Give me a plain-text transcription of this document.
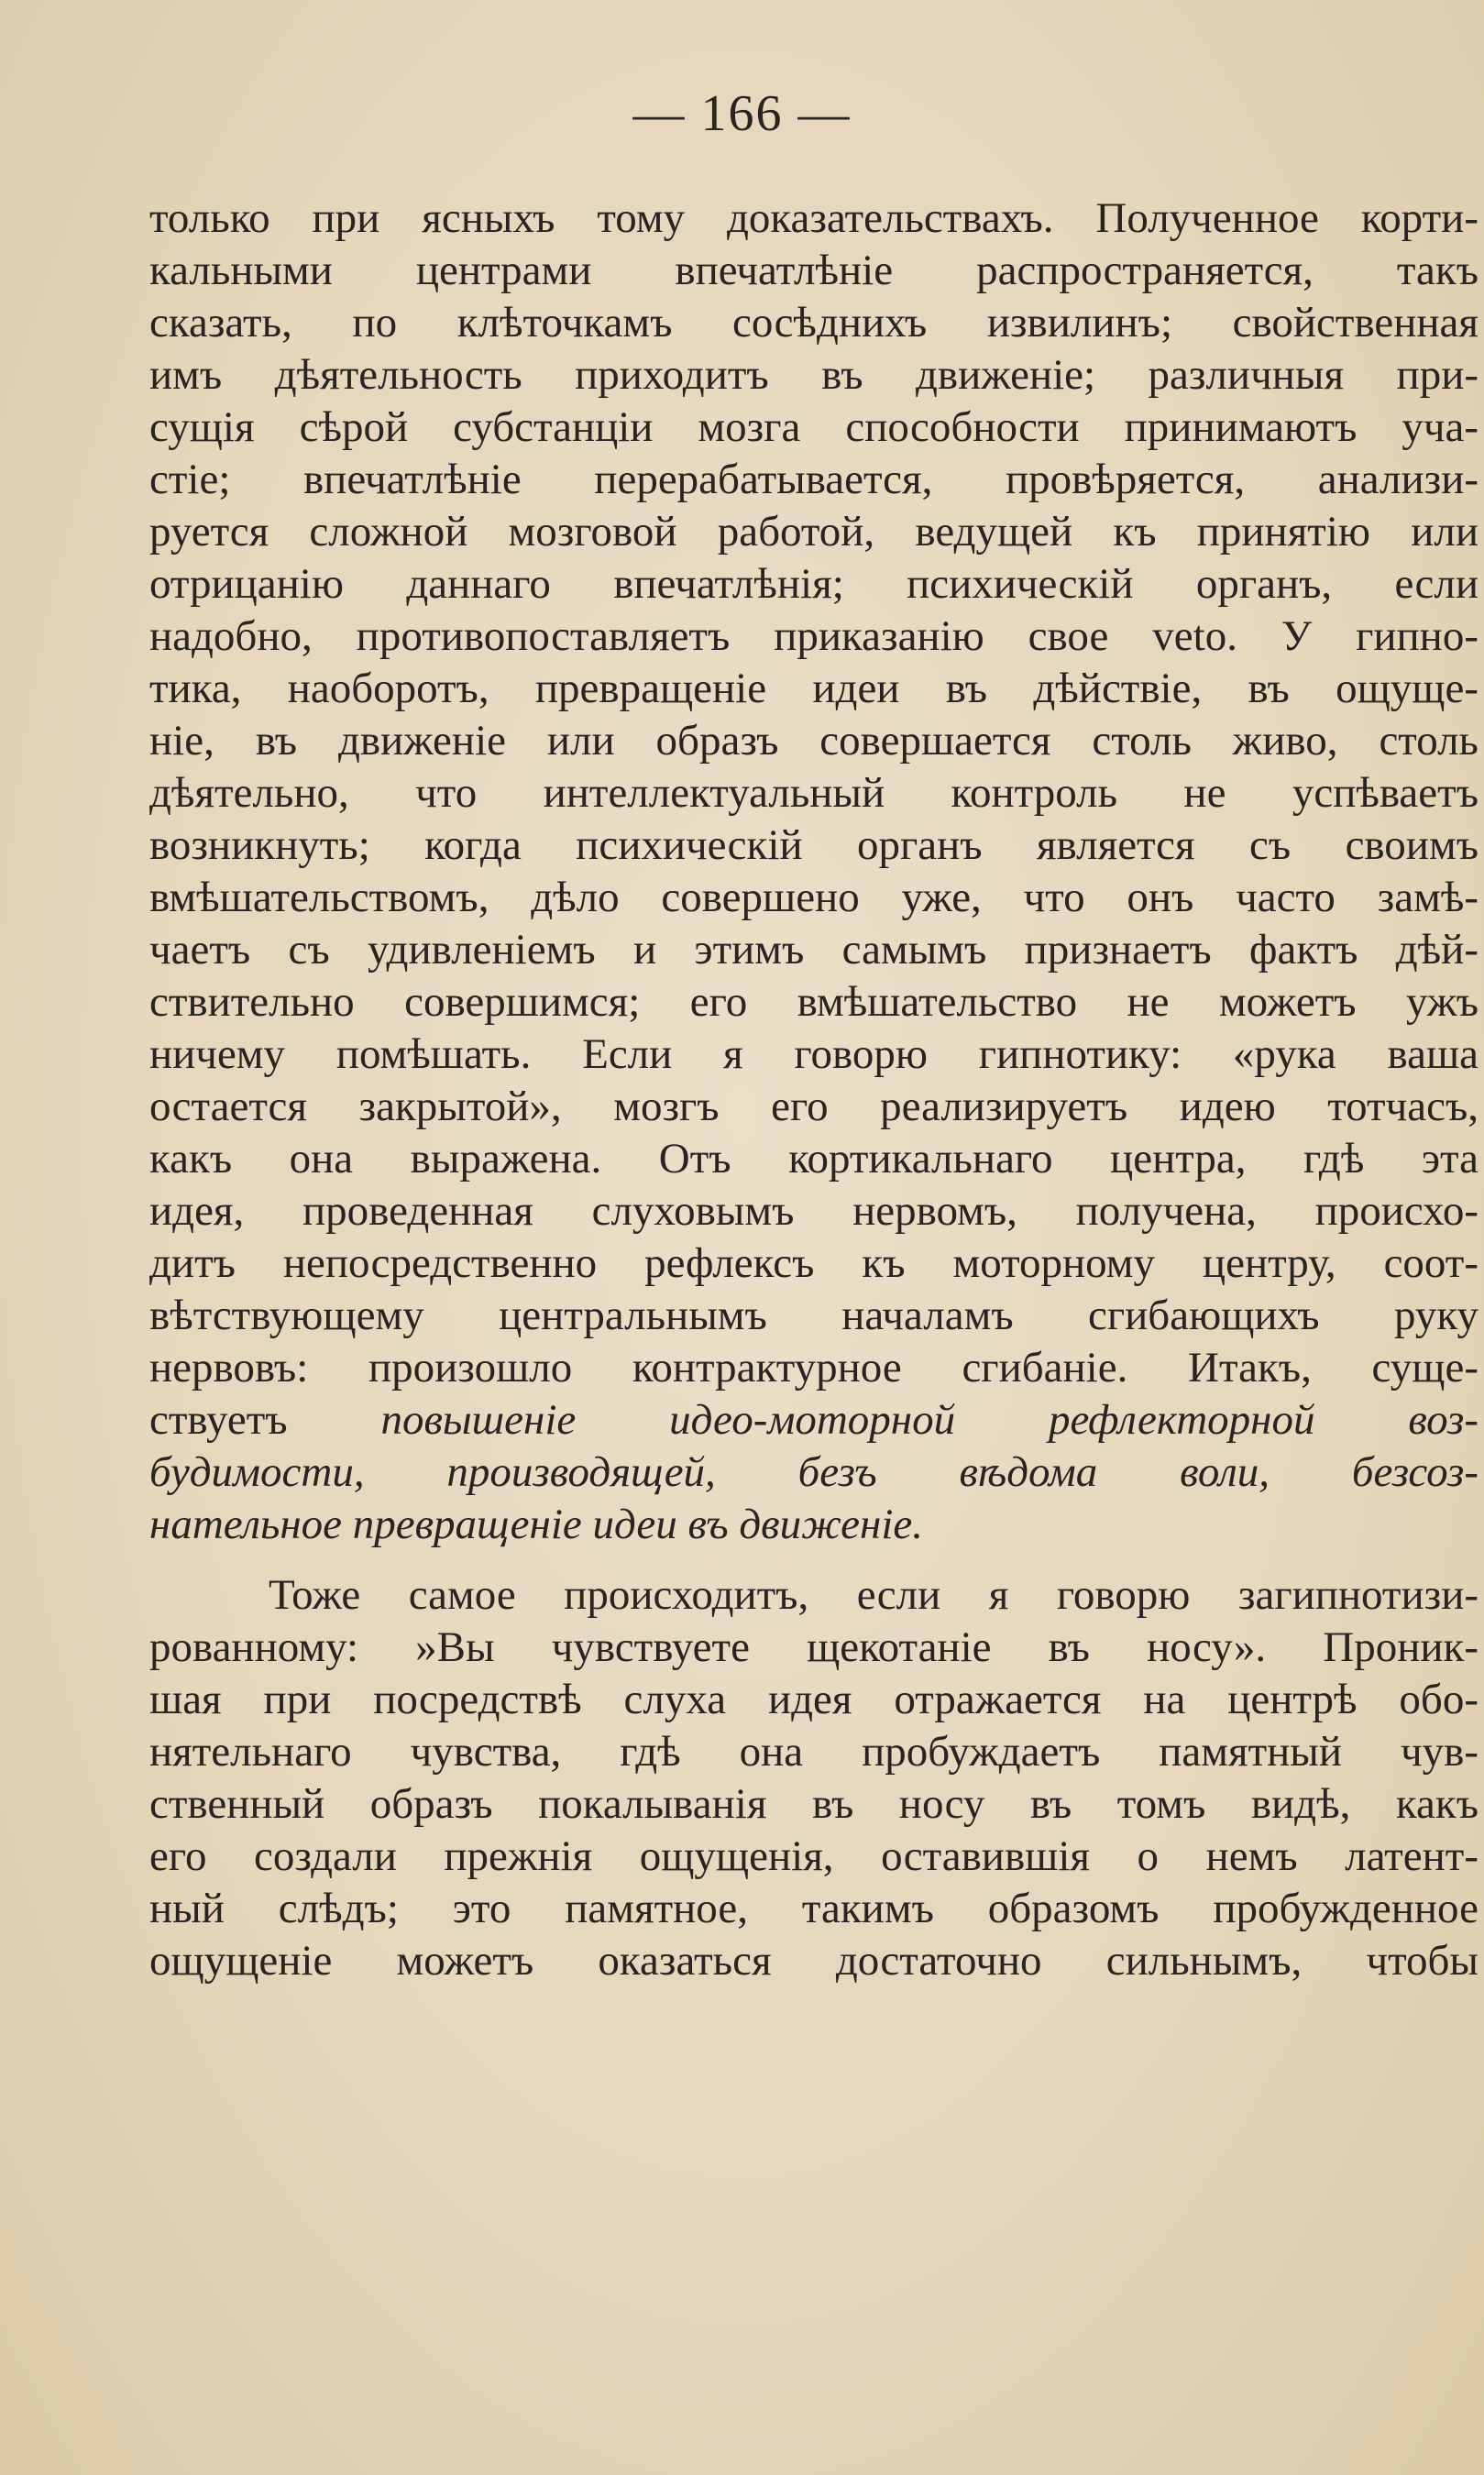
— 166 —
только при ясныхъ тому доказательствахъ. Полученное корти-
кальными центрами впечатлѣніе распространяется, такъ
сказать, по клѣточкамъ сосѣднихъ извилинъ; свойственная
имъ дѣятельность приходитъ въ движеніе; различныя при-
сущія сѣрой субстанціи мозга способности принимаютъ уча-
стіе; впечатлѣніе перерабатывается, провѣряется, анализи-
руется сложной мозговой работой, ведущей къ принятію или
отрицанію даннаго впечатлѣнія; психическій органъ, если
надобно, противопоставляетъ приказанію свое veto. У гипно-
тика, наоборотъ, превращеніе идеи въ дѣйствіе, въ ощуще-
ніе, въ движеніе или образъ совершается столь живо, столь
дѣятельно, что интеллектуальный контроль не успѣваетъ
возникнуть; когда психическій органъ является съ своимъ
вмѣшательствомъ, дѣло совершено уже, что онъ часто замѣ-
чаетъ съ удивленіемъ и этимъ самымъ признаетъ фактъ дѣй-
ствительно совершимся; его вмѣшательство не можетъ ужъ
ничему помѣшать. Если я говорю гипнотику: «рука ваша
остается закрытой», мозгъ его реализируетъ идею тотчасъ,
какъ она выражена. Отъ кортикальнаго центра, гдѣ эта
идея, проведенная слуховымъ нервомъ, получена, происхо-
дитъ непосредственно рефлексъ къ моторному центру, соот-
вѣтствующему центральнымъ началамъ сгибающихъ руку
нервовъ: произошло контрактурное сгибаніе. Итакъ, суще-
ствуетъ повышеніе идео-моторной рефлекторной воз-
будимости, производящей, безъ вѣдома воли, безсоз-
нательное превращеніе идеи въ движеніе.
Тоже самое происходитъ, если я говорю загипнотизи-
рованному: »Вы чувствуете щекотаніе въ носу». Проник-
шая при посредствѣ слуха идея отражается на центрѣ обо-
нятельнаго чувства, гдѣ она пробуждаетъ памятный чув-
ственный образъ покалыванія въ носу въ томъ видѣ, какъ
его создали прежнія ощущенія, оставившія о немъ латент-
ный слѣдъ; это памятное, такимъ образомъ пробужденное
ощущеніе можетъ оказаться достаточно сильнымъ, чтобы
